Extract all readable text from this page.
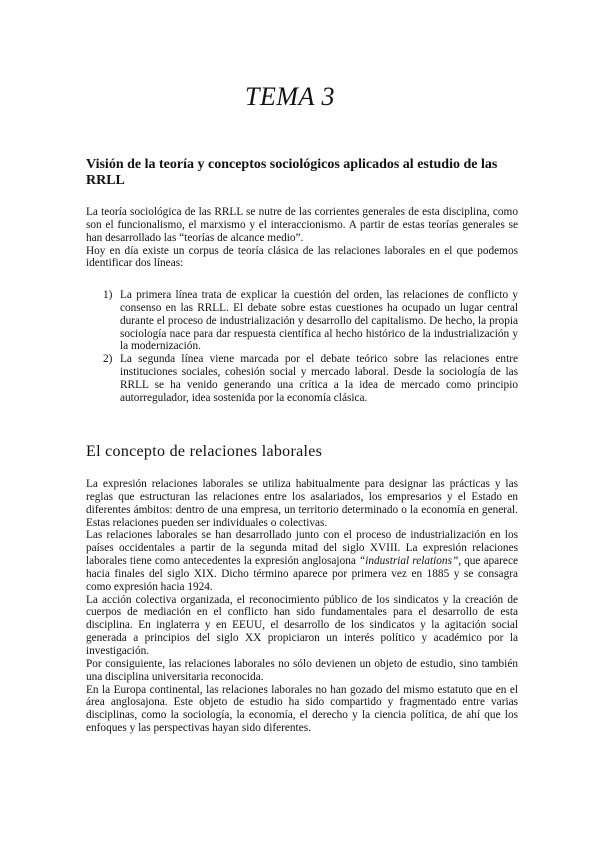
TEMA 3
Visión de la teoría y conceptos sociológicos aplicados al estudio de las RRLL

La teoría sociológica de las RRLL se nutre de las corrientes generales de esta disciplina, como son el funcionalismo, el marxismo y el interaccionismo. A partir de estas teorías generales se han desarrollado las “teorías de alcance medio”.

Hoy en día existe un corpus de teoría clásica de las relaciones laborales en el que podemos identificar dos líneas:

1) La primera línea trata de explicar la cuestión del orden, las relaciones de conflicto y consenso en las RRLL. El debate sobre estas cuestiones ha ocupado un lugar central durante el proceso de industrialización y desarrollo del capitalismo. De hecho, la propia sociología nace para dar respuesta científica al hecho histórico de la industrialización y la modernización.
2) La segunda línea viene marcada por el debate teórico sobre las relaciones entre instituciones sociales, cohesión social y mercado laboral. Desde la sociología de las RRLL se ha venido generando una crítica a la idea de mercado como principio autorregulador, idea sostenida por la economía clásica.
El concepto de relaciones laborales

La expresión relaciones laborales se utiliza habitualmente para designar las prácticas y las reglas que estructuran las relaciones entre los asalariados, los empresarios y el Estado en diferentes ámbitos: dentro de una empresa, un territorio determinado o la economía en general. Estas relaciones pueden ser individuales o colectivas.

Las relaciones laborales se han desarrollado junto con el proceso de industrialización en los países occidentales a partir de la segunda mitad del siglo XVIII. La expresión relaciones laborales tiene como antecedentes la expresión anglosajona “industrial relations”, que aparece hacia finales del siglo XIX. Dicho término aparece por primera vez en 1885 y se consagra como expresión hacia 1924.

La acción colectiva organizada, el reconocimiento público de los sindicatos y la creación de cuerpos de mediación en el conflicto han sido fundamentales para el desarrollo de esta disciplina. En inglaterra y en EEUU, el desarrollo de los sindicatos y la agitación social generada a principios del siglo XX propiciaron un interés político y académico por la investigación.

Por consiguiente, las relaciones laborales no sólo devienen un objeto de estudio, sino también una disciplina universitaria reconocida.

En la Europa continental, las relaciones laborales no han gozado del mismo estatuto que en el área anglosajona. Este objeto de estudio ha sido compartido y fragmentado entre varias disciplinas, como la sociología, la economía, el derecho y la ciencia política, de ahí que los enfoques y las perspectivas hayan sido diferentes.
